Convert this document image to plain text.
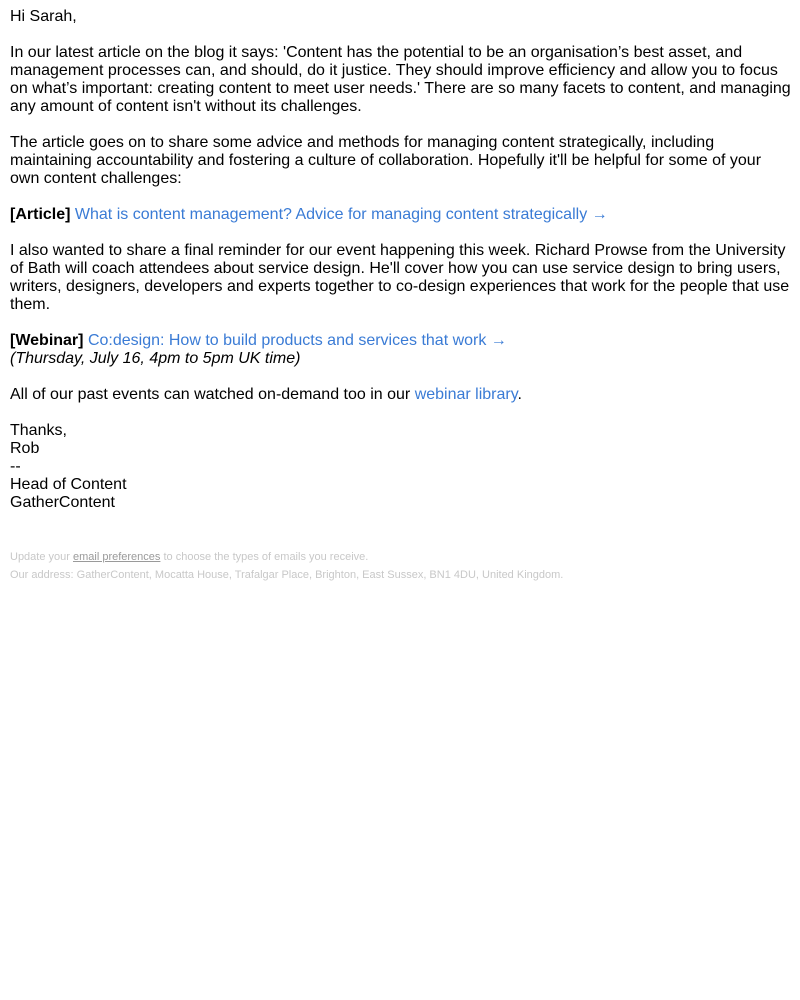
Hi Sarah,

In our latest article on the blog it says: 'Content has the potential to be an organisation’s best asset, and management processes can, and should, do it justice. They should improve efficiency and allow you to focus on what’s important: creating content to meet user needs.' There are so many facets to content, and managing any amount of content isn't without its challenges.

The article goes on to share some advice and methods for managing content strategically, including maintaining accountability and fostering a culture of collaboration. Hopefully it'll be helpful for some of your own content challenges:

[Article] What is content management? Advice for managing content strategically →

I also wanted to share a final reminder for our event happening this week. Richard Prowse from the University of Bath will coach attendees about service design. He'll cover how you can use service design to bring users, writers, designers, developers and experts together to co-design experiences that work for the people that use them.

[Webinar] Co:design: How to build products and services that work →
(Thursday, July 16, 4pm to 5pm UK time)

All of our past events can watched on-demand too in our webinar library.

Thanks,
Rob
--
Head of Content
GatherContent
Update your email preferences to choose the types of emails you receive.
Our address: GatherContent, Mocatta House, Trafalgar Place, Brighton, East Sussex, BN1 4DU, United Kingdom.
